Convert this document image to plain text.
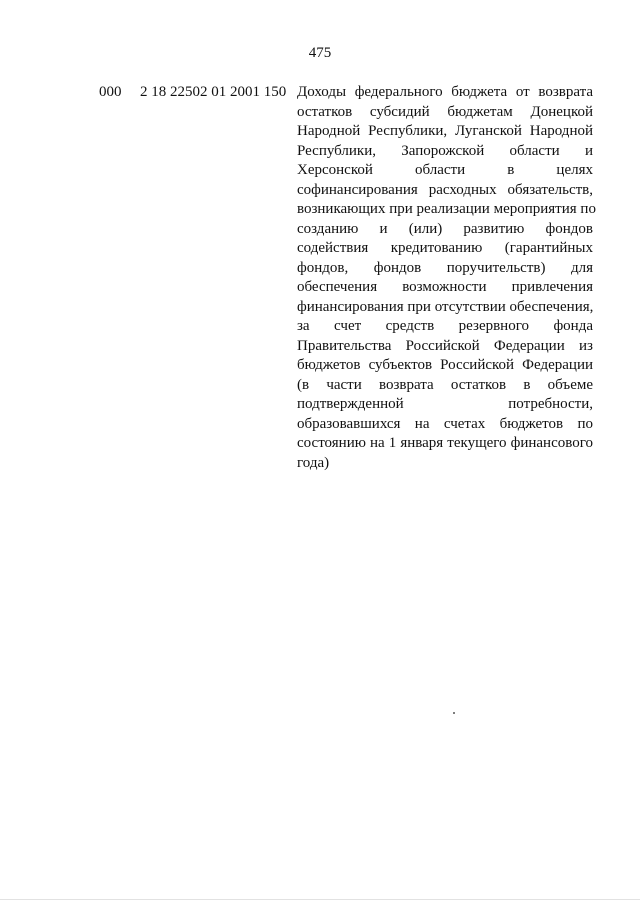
475
000 2 18 22502 01 2001 150 Доходы федерального бюджета от возврата
остатков субсидий бюджетам Донецкой
Народной Республики, Луганской Народной
Республики, Запорожской области и
Херсонской области в целях
софинансирования расходных обязательств,
возникающих при реализации мероприятия по
созданию и (или) развитию фондов
содействия кредитованию (гарантийных
фондов, фондов поручительств) для
обеспечения возможности привлечения
финансирования при отсутствии обеспечения,
за счет средств резервного фонда
Правительства Российской Федерации из
бюджетов субъектов Российской Федерации
(в части возврата остатков в объеме
подтвержденной потребности,
образовавшихся на счетах бюджетов по
состоянию на 1 января текущего финансового
года)
